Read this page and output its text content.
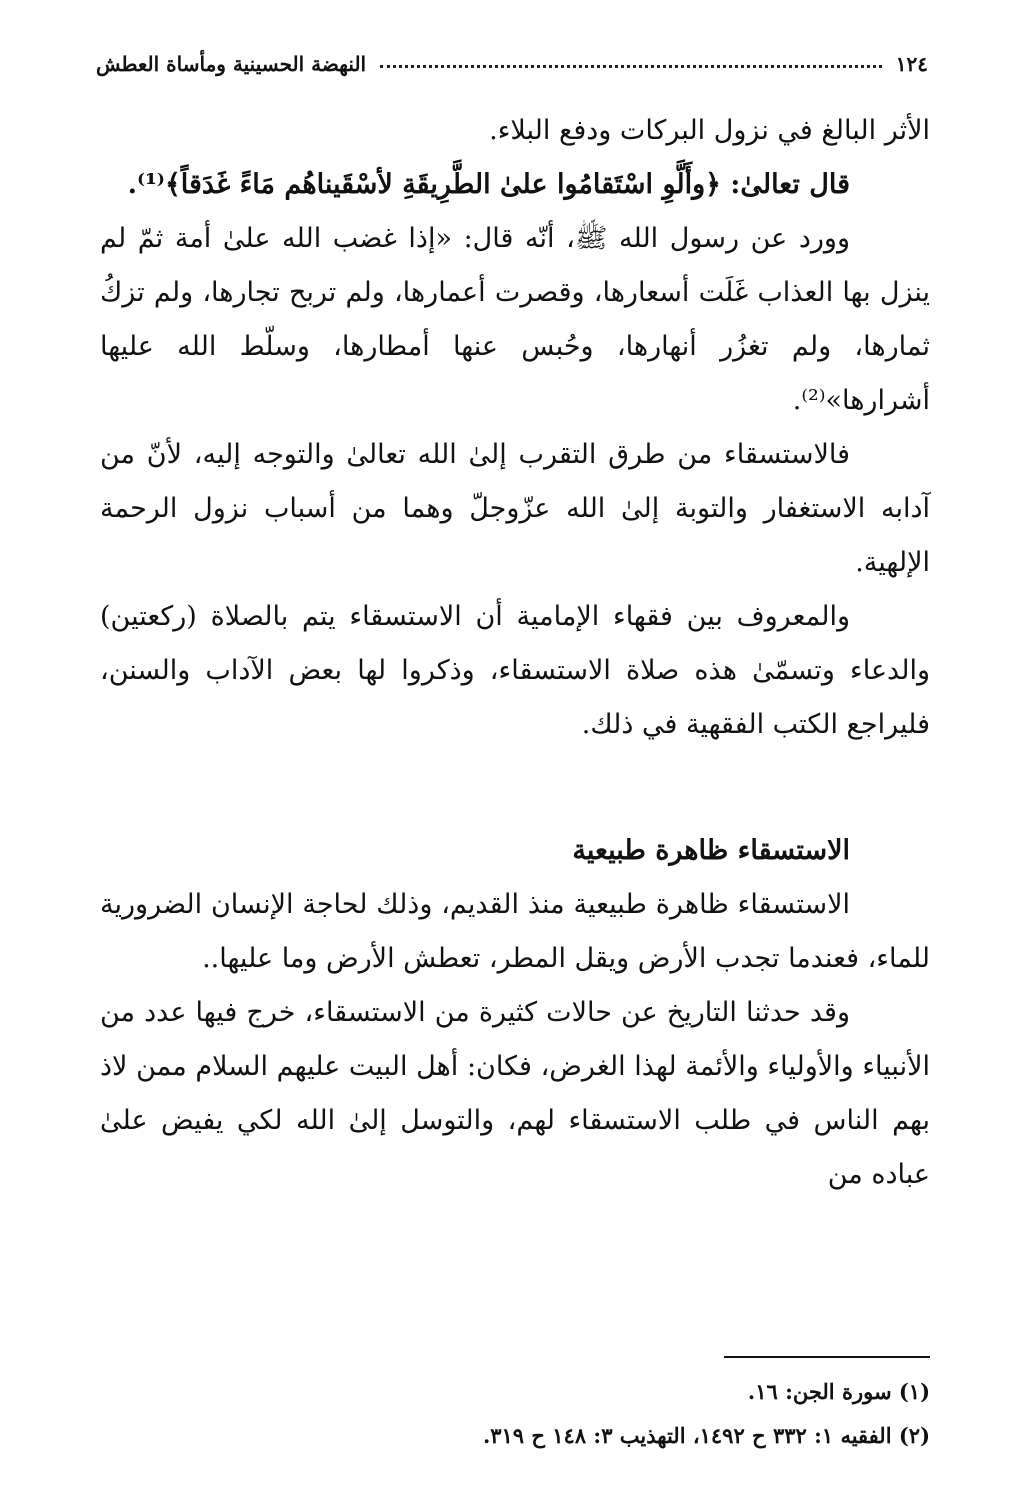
١٢٤
النهضة الحسينية ومأساة العطش

الأثر البالغ في نزول البركات ودفع البلاء.

قال تعالىٰ: ﴿وأَلَّوِ اسْتَقامُوا علىٰ الطَّرِيقَةِ لأسْقَيناهُم مَاءً غَدَقاً﴾⁽¹⁾.

وورد عن رسول الله ﷺ، أنّه قال: «إذا غضب الله علىٰ أمة ثمّ لم ينزل بها العذاب غَلَت أسعارها، وقصرت أعمارها، ولم تربح تجارها، ولم تزكُ ثمارها، ولم تغزُر أنهارها، وحُبس عنها أمطارها، وسلّط الله عليها أشرارها»⁽²⁾.

فالاستسقاء من طرق التقرب إلىٰ الله تعالىٰ والتوجه إليه، لأنّ من آدابه الاستغفار والتوبة إلىٰ الله عزّوجلّ وهما من أسباب نزول الرحمة الإلهية.

والمعروف بين فقهاء الإمامية أن الاستسقاء يتم بالصلاة (ركعتين) والدعاء وتسمّىٰ هذه صلاة الاستسقاء، وذكروا لها بعض الآداب والسنن، فليراجع الكتب الفقهية في ذلك.

الاستسقاء ظاهرة طبيعية

الاستسقاء ظاهرة طبيعية منذ القديم، وذلك لحاجة الإنسان الضرورية للماء، فعندما تجدب الأرض ويقل المطر، تعطش الأرض وما عليها..

وقد حدثنا التاريخ عن حالات كثيرة من الاستسقاء، خرج فيها عدد من الأنبياء والأولياء والأئمة لهذا الغرض، فكان: أهل البيت عليهم السلام ممن لاذ بهم الناس في طلب الاستسقاء لهم، والتوسل إلىٰ الله لكي يفيض علىٰ عباده من

(١) سورة الجن: ١٦.

(٢) الفقيه ١: ٣٣٢ ح ١٤٩٢، التهذيب ٣: ١٤٨ ح ٣١٩.
